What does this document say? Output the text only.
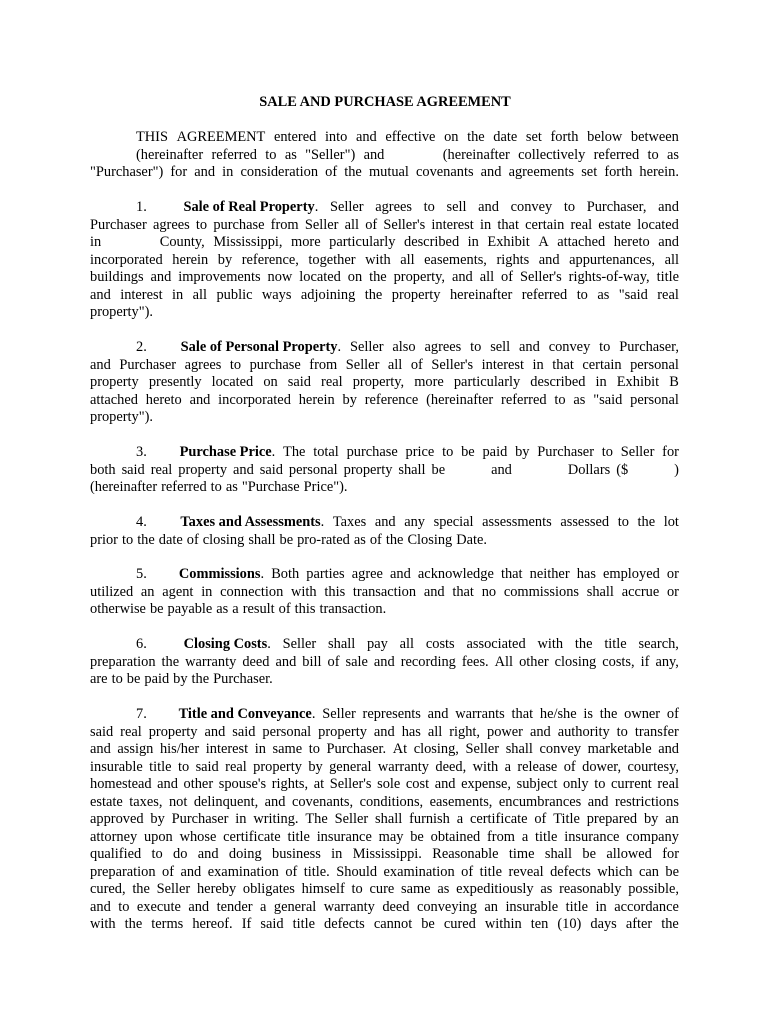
SALE AND PURCHASE AGREEMENT
THIS AGREEMENT entered into and effective on the date set forth below between
(hereinafter referred to as "Seller") and	(hereinafter collectively referred to as
"Purchaser") for and in consideration of the mutual covenants and agreements set forth herein.
1.	Sale of Real Property. Seller agrees to sell and convey to Purchaser, and
Purchaser agrees to purchase from Seller all of Seller's interest in that certain real estate located
in	County, Mississippi, more particularly described in Exhibit A attached hereto and
incorporated herein by reference, together with all easements, rights and appurtenances, all
buildings and improvements now located on the property, and all of Seller's rights-of-way, title
and interest in all public ways adjoining the property hereinafter referred to as "said real
property").
2. Sale of Personal Property. Seller also agrees to sell and convey to Purchaser,
and Purchaser agrees to purchase from Seller all of Seller's interest in that certain personal
property presently located on said real property, more particularly described in Exhibit B
attached hereto and incorporated herein by reference (hereinafter referred to as "said personal
property").
3. Purchase Price. The total purchase price to be paid by Purchaser to Seller for
both said real property and said personal property shall be	and	Dollars ($	)
(hereinafter referred to as "Purchase Price").
4. Taxes and Assessments. Taxes and any special assessments assessed to the lot
prior to the date of closing shall be pro-rated as of the Closing Date.
5. Commissions. Both parties agree and acknowledge that neither has employed or
utilized an agent in connection with this transaction and that no commissions shall accrue or
otherwise be payable as a result of this transaction.
6.	Closing Costs. Seller shall pay all costs associated with the title search,
preparation the warranty deed and bill of sale and recording fees. All other closing costs, if any,
are to be paid by the Purchaser.
7. Title and Conveyance. Seller represents and warrants that he/she is the owner of
said real property and said personal property and has all right, power and authority to transfer
and assign his/her interest in same to Purchaser. At closing, Seller shall convey marketable and
insurable title to said real property by general warranty deed, with a release of dower, courtesy,
homestead and other spouse's rights, at Seller's sole cost and expense, subject only to current real
estate taxes, not delinquent, and covenants, conditions, easements, encumbrances and restrictions
approved by Purchaser in writing. The Seller shall furnish a certificate of Title prepared by an
attorney upon whose certificate title insurance may be obtained from a title insurance company
qualified to do and doing business in Mississippi. Reasonable time shall be allowed for
preparation of and examination of title. Should examination of title reveal defects which can be
cured, the Seller hereby obligates himself to cure same as expeditiously as reasonably possible,
and to execute and tender a general warranty deed conveying an insurable title in accordance
with the terms hereof. If said title defects cannot be cured within ten (10) days after the
